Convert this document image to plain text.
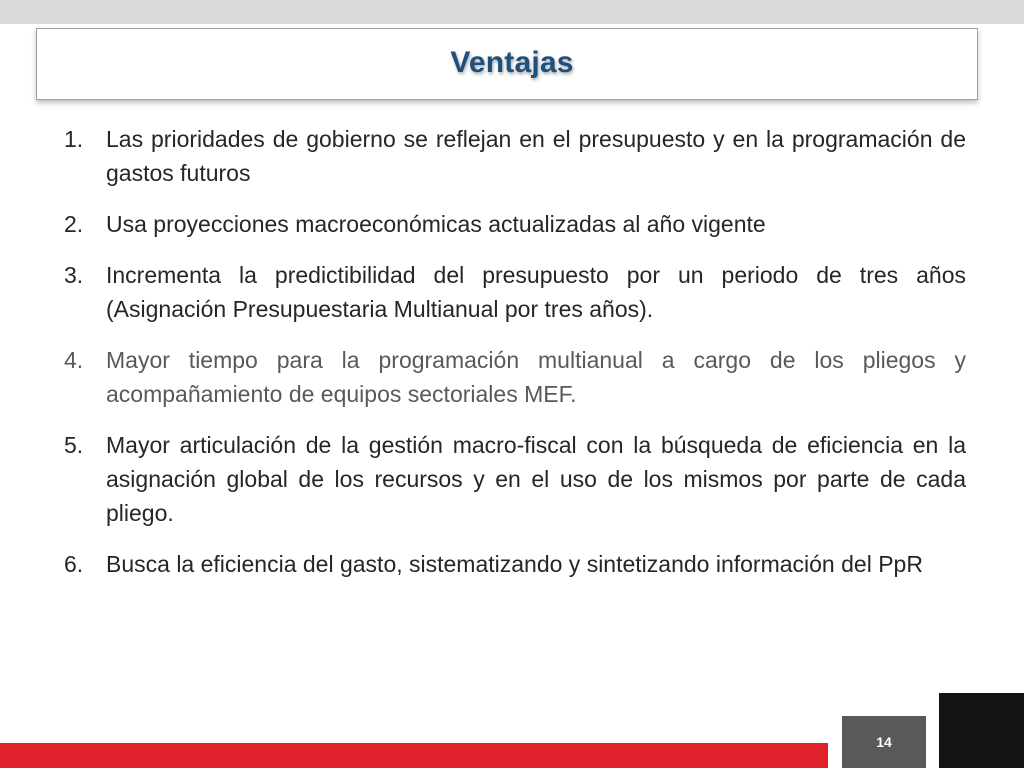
Ventajas
1. Las prioridades de gobierno se reflejan en el presupuesto y en la programación de gastos futuros
2. Usa proyecciones macroeconómicas actualizadas al año vigente
3. Incrementa la predictibilidad del presupuesto por un periodo de tres años (Asignación Presupuestaria Multianual por tres años).
4. Mayor tiempo para la programación multianual a cargo de los pliegos y acompañamiento de equipos sectoriales MEF.
5. Mayor articulación de la gestión macro-fiscal con la búsqueda de eficiencia en la asignación global de los recursos y en el uso de los mismos por parte de cada pliego.
6. Busca la eficiencia del gasto, sistematizando y sintetizando información del PpR
14
